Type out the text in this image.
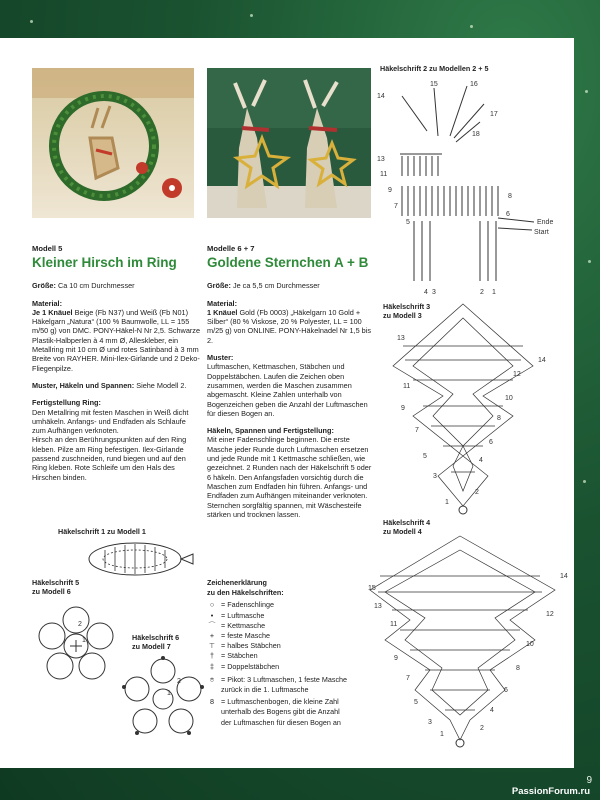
Modell 5
Kleiner Hirsch im Ring

Größe: Ca 10 cm Durchmesser

Material:

Je 1 Knäuel Beige (Fb N37) und Weiß (Fb N01) Häkelgarn „Natura“ (100 % Baumwolle, LL = 155 m/50 g) von DMC. PONY-Häkel-N Nr 2,5. Schwarze Plastik-Halbperlen à 4 mm Ø, Alleskleber, ein Metallring mit 10 cm Ø und rotes Satinband à 3 mm Breite von RAYHER. Mini-Ilex-Girlande und 2 Deko-Fliegenpilze.

Muster, Häkeln und Spannen: Siehe Modell 2.

Fertigstellung Ring:

Den Metallring mit festen Maschen in Weiß dicht umhäkeln. Anfangs- und Endfaden als Schlaufe zum Aufhängen verknoten.

Hirsch an den Berührungspunkten auf den Ring kleben. Pilze am Ring befestigen. Ilex-Girlande passend zuschneiden, rund biegen und auf den Ring kleben. Rote Schleife um den Hals des Hirschen binden.

Modelle 6 + 7
Goldene Sternchen A + B

Größe: Je ca 5,5 cm Durchmesser

Material:

1 Knäuel Gold (Fb 0003) „Häkelgarn 10 Gold + Silber“ (80 % Viskose, 20 % Polyester, LL = 100 m/25 g) von ONLINE. PONY-Häkelnadel Nr 1,5 bis 2.

Muster:

Luftmaschen, Kettmaschen, Stäbchen und Doppelstäbchen. Laufen die Zeichen oben zusammen, werden die Maschen zusammen abgemascht. Kleine Zahlen unterhalb von Bogenzeichen geben die Anzahl der Luftmaschen für diesen Bogen an.

Häkeln, Spannen und Fertigstellung:

Mit einer Fadenschlinge beginnen. Die erste Masche jeder Runde durch Luftmaschen ersetzen und jede Runde mit 1 Kettmasche schließen, wie gezeichnet. 2 Runden nach der Häkelschrift 5 oder 6 häkeln. Den Anfangsfaden vorsichtig durch die Maschen zum Endfaden hin führen. Anfangs- und Endfaden zum Aufhängen miteinander verknoten. Sternchen sorgfältig spannen, mit Wäschesteife stärken und trocknen lassen.

Zeichenerklärung
zu den Häkelschriften:
○ = Fadenschlinge
•	= Luftmasche
⌒ = Kettmasche
+ = feste Masche
⊤ = halbes Stäbchen
† = Stäbchen
‡ = Doppelstäbchen
⌾ = Pikot: 3 Luftmaschen, 1 feste Masche
zurück in die 1. Luftmasche
8 = Luftmaschenbogen, die kleine Zahl
unterhalb des Bogens gibt die Anzahl
der Luftmaschen für diesen Bogen an
Häkelschrift 1 zu Modell 1
Häkelschrift 5
zu Modell 6
Häkelschrift 6
zu Modell 7
Häkelschrift 2 zu Modellen 2 + 5
Häkelschrift 3
zu Modell 3
Häkelschrift 4
zu Modell 4
2
1
1
2
14
15	16
17
18
13
11
9
7
8
6
5
4 3	2 1
Ende
Start
14
13
12
11
10
9
8
7
6
5
4
3
2
1
15
14
13
12
11
10
9
8
7
6
5
4
3
2
1
9
PassionForum.ru
